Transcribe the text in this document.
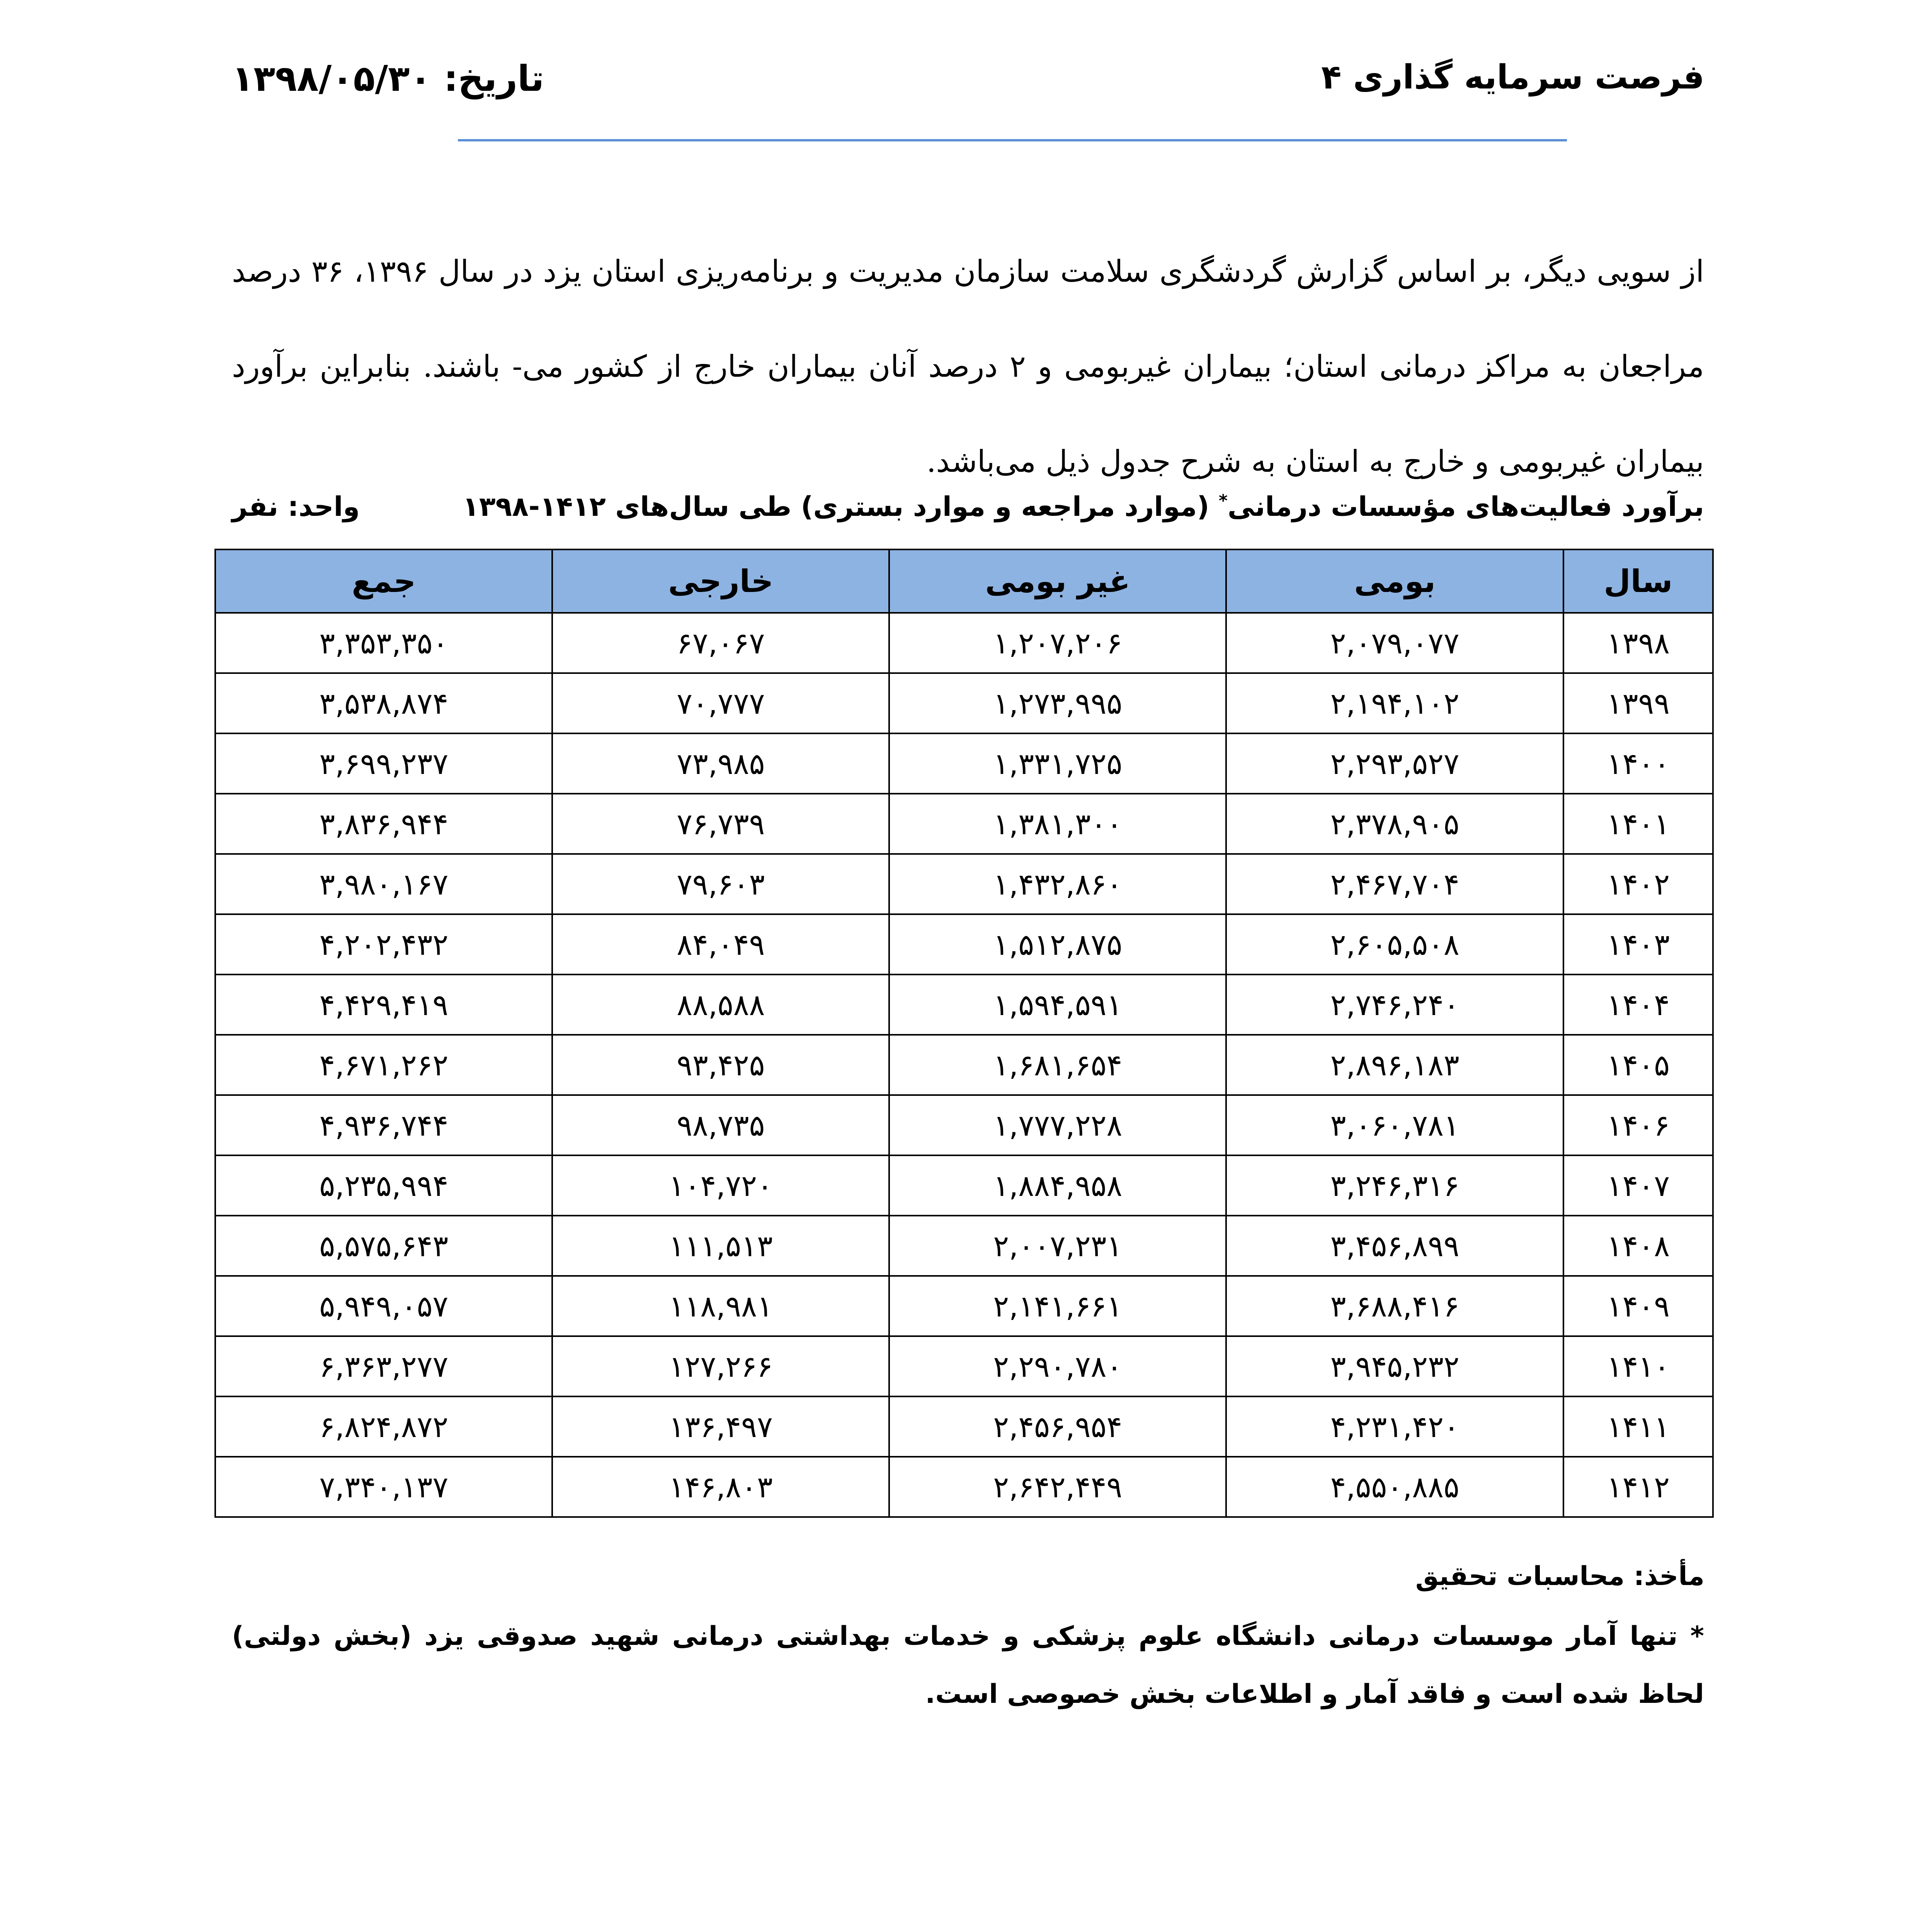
فرصت سرمایه گذاری ۴
تاریخ: ۱۳۹۸/۰۵/۳۰
از سویی دیگر، بر اساس گزارش گردشگری سلامت سازمان مدیریت و برنامه‌ریزی استان یزد در سال ۱۳۹۶، ۳۶ درصد مراجعان به مراکز درمانی استان؛ بیماران غیربومی و ۲ درصد آنان بیماران خارج از کشور می- باشند. بنابراین برآورد بیماران غیربومی و خارج به استان به شرح جدول ذیل می‌باشد.
برآورد فعالیت‌های مؤسسات درمانی* (موارد مراجعه و موارد بستری) طی سال‌های ۱۴۱۲-۱۳۹۸
واحد: نفر
سال	بومی	غیر بومی	خارجی	جمع
۱۳۹۸	۲,۰۷۹,۰۷۷	۱,۲۰۷,۲۰۶	۶۷,۰۶۷	۳,۳۵۳,۳۵۰
۱۳۹۹	۲,۱۹۴,۱۰۲	۱,۲۷۳,۹۹۵	۷۰,۷۷۷	۳,۵۳۸,۸۷۴
۱۴۰۰	۲,۲۹۳,۵۲۷	۱,۳۳۱,۷۲۵	۷۳,۹۸۵	۳,۶۹۹,۲۳۷
۱۴۰۱	۲,۳۷۸,۹۰۵	۱,۳۸۱,۳۰۰	۷۶,۷۳۹	۳,۸۳۶,۹۴۴
۱۴۰۲	۲,۴۶۷,۷۰۴	۱,۴۳۲,۸۶۰	۷۹,۶۰۳	۳,۹۸۰,۱۶۷
۱۴۰۳	۲,۶۰۵,۵۰۸	۱,۵۱۲,۸۷۵	۸۴,۰۴۹	۴,۲۰۲,۴۳۲
۱۴۰۴	۲,۷۴۶,۲۴۰	۱,۵۹۴,۵۹۱	۸۸,۵۸۸	۴,۴۲۹,۴۱۹
۱۴۰۵	۲,۸۹۶,۱۸۳	۱,۶۸۱,۶۵۴	۹۳,۴۲۵	۴,۶۷۱,۲۶۲
۱۴۰۶	۳,۰۶۰,۷۸۱	۱,۷۷۷,۲۲۸	۹۸,۷۳۵	۴,۹۳۶,۷۴۴
۱۴۰۷	۳,۲۴۶,۳۱۶	۱,۸۸۴,۹۵۸	۱۰۴,۷۲۰	۵,۲۳۵,۹۹۴
۱۴۰۸	۳,۴۵۶,۸۹۹	۲,۰۰۷,۲۳۱	۱۱۱,۵۱۳	۵,۵۷۵,۶۴۳
۱۴۰۹	۳,۶۸۸,۴۱۶	۲,۱۴۱,۶۶۱	۱۱۸,۹۸۱	۵,۹۴۹,۰۵۷
۱۴۱۰	۳,۹۴۵,۲۳۲	۲,۲۹۰,۷۸۰	۱۲۷,۲۶۶	۶,۳۶۳,۲۷۷
۱۴۱۱	۴,۲۳۱,۴۲۰	۲,۴۵۶,۹۵۴	۱۳۶,۴۹۷	۶,۸۲۴,۸۷۲
۱۴۱۲	۴,۵۵۰,۸۸۵	۲,۶۴۲,۴۴۹	۱۴۶,۸۰۳	۷,۳۴۰,۱۳۷
مأخذ: محاسبات تحقیق
* تنها آمار موسسات درمانی دانشگاه علوم پزشکی و خدمات بهداشتی درمانی شهید صدوقی یزد (بخش دولتی) لحاظ شده است و فاقد آمار و اطلاعات بخش خصوصی است.
